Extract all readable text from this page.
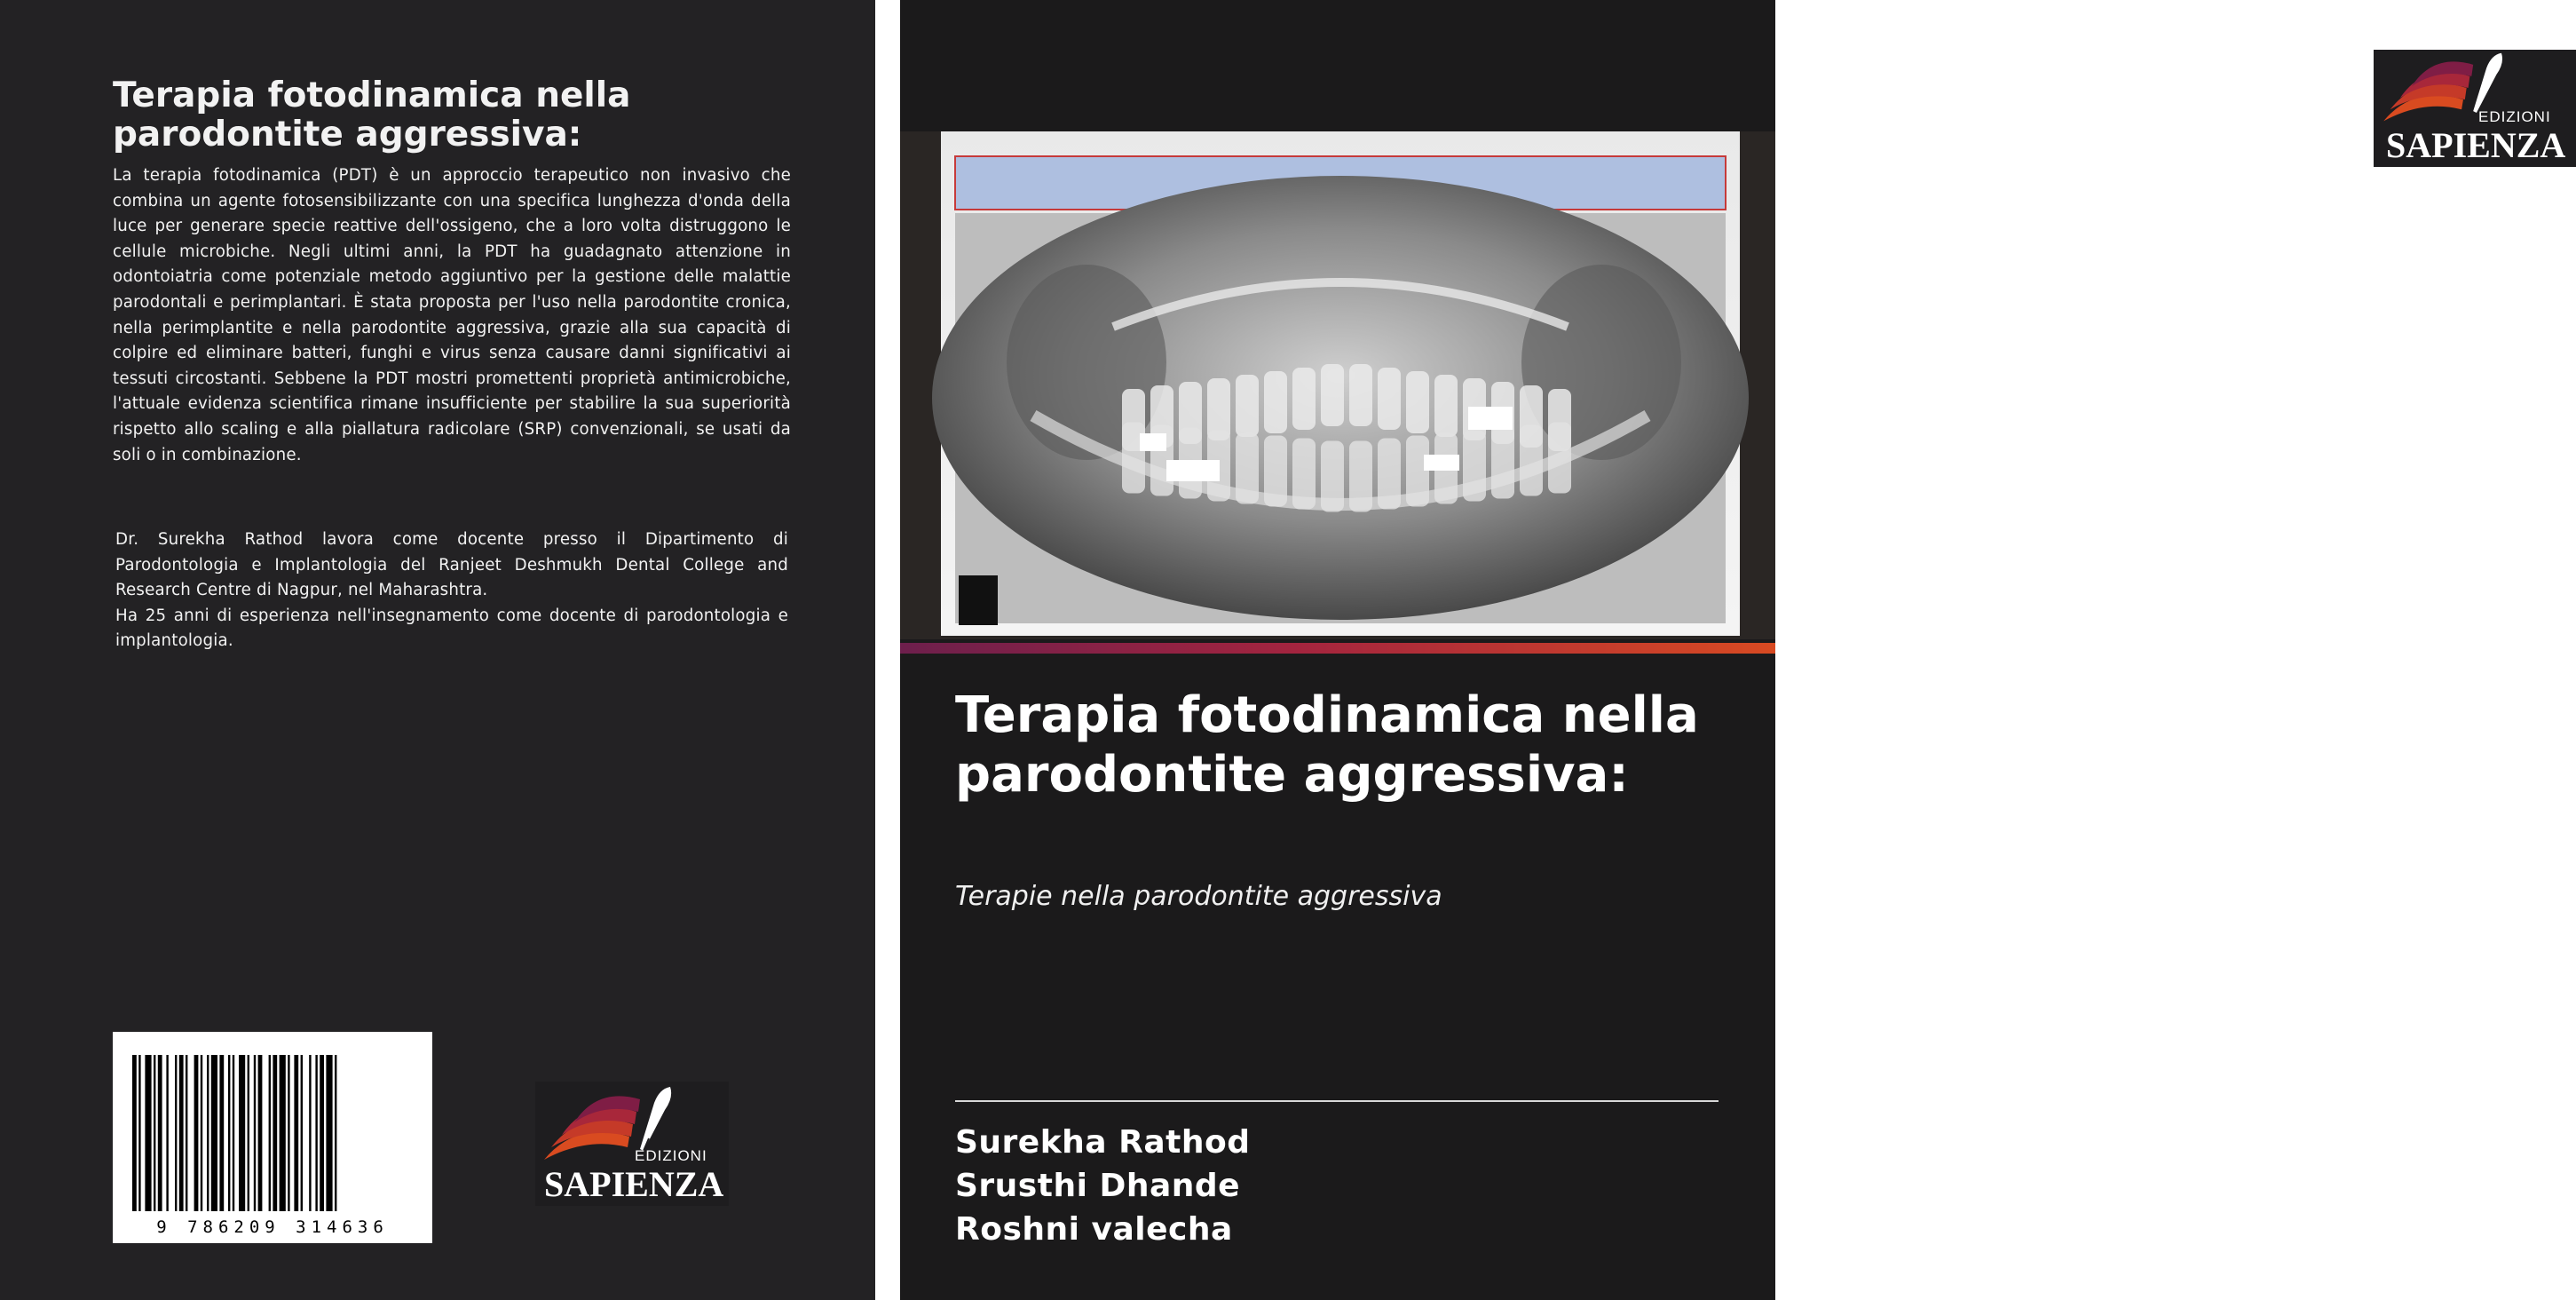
Terapia fotodinamica nella parodontite aggressiva:

La terapia fotodinamica (PDT) è un approccio terapeutico non invasivo che combina un agente fotosensibilizzante con una specifica lunghezza d'onda della luce per generare specie reattive dell'ossigeno, che a loro volta distruggono le cellule microbiche. Negli ultimi anni, la PDT ha guadagnato attenzione in odontoiatria come potenziale metodo aggiuntivo per la gestione delle malattie parodontali e perimplantari. È stata proposta per l'uso nella parodontite cronica, nella perimplantite e nella parodontite aggressiva, grazie alla sua capacità di colpire ed eliminare batteri, funghi e virus senza causare danni significativi ai tessuti circostanti. Sebbene la PDT mostri promettenti proprietà antimicrobiche, l'attuale evidenza scientifica rimane insufficiente per stabilire la sua superiorità rispetto allo scaling e alla piallatura radicolare (SRP) convenzionali, se usati da soli o in combinazione.

Dr. Surekha Rathod lavora come docente presso il Dipartimento di Parodontologia e Implantologia del Ranjeet Deshmukh Dental College and Research Centre di Nagpur, nel Maharashtra.

Ha 25 anni di esperienza nell'insegnamento come docente di parodontologia e implantologia.

9 786209 314636
EDIZIONI
SAPIENZA
EDIZIONI
SAPIENZA
Terapia fotodinamica nella parodontite aggressiva:

Terapie nella parodontite aggressiva

Surekha Rathod
Srusthi Dhande
Roshni valecha
